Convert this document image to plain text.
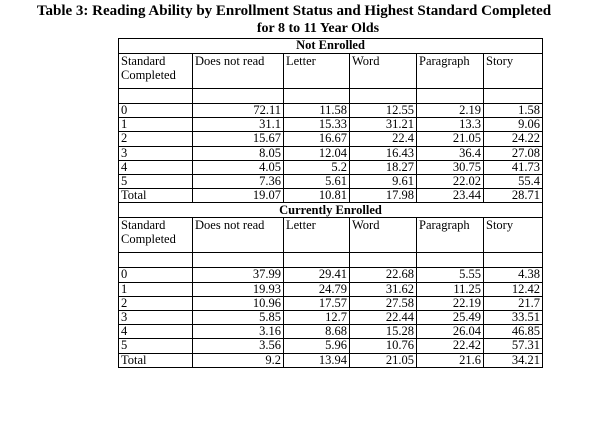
Table 3: Reading Ability by Enrollment Status and Highest Standard Completed
for 8 to 11 Year Olds
Not Enrolled					
Standard Completed	Does not read	Letter	Word	Paragraph	Story

0	72.11	11.58	12.55	2.19	1.58
1	31.1	15.33	31.21	13.3	9.06
2	15.67	16.67	22.4	21.05	24.22
3	8.05	12.04	16.43	36.4	27.08
4	4.05	5.2	18.27	30.75	41.73
5	7.36	5.61	9.61	22.02	55.4
Total	19.07	10.81	17.98	23.44	28.71
Currently Enrolled					
Standard Completed	Does not read	Letter	Word	Paragraph	Story

0	37.99	29.41	22.68	5.55	4.38
1	19.93	24.79	31.62	11.25	12.42
2	10.96	17.57	27.58	22.19	21.7
3	5.85	12.7	22.44	25.49	33.51
4	3.16	8.68	15.28	26.04	46.85
5	3.56	5.96	10.76	22.42	57.31
Total	9.2	13.94	21.05	21.6	34.21
